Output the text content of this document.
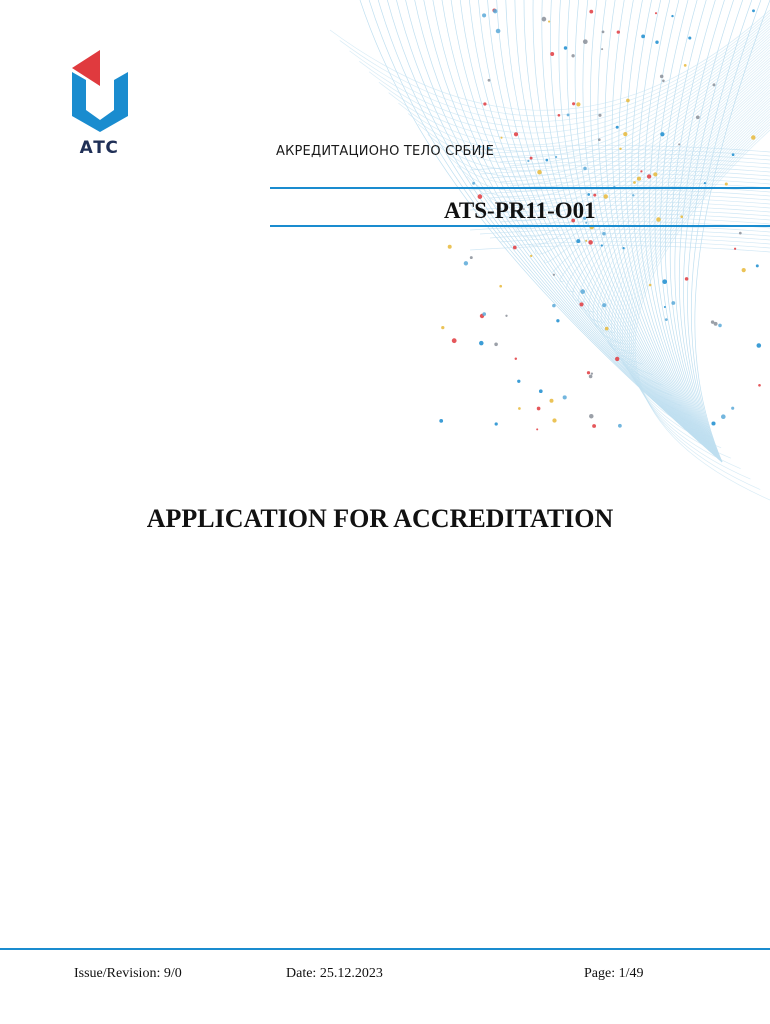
АТС	АКРЕДИТАЦИОНО ТЕЛО СРБИЈЕ
ATS-PR11-O01
APPLICATION FOR ACCREDITATION
Issue/Revision: 9/0	Date: 25.12.2023	Page: 1/49
